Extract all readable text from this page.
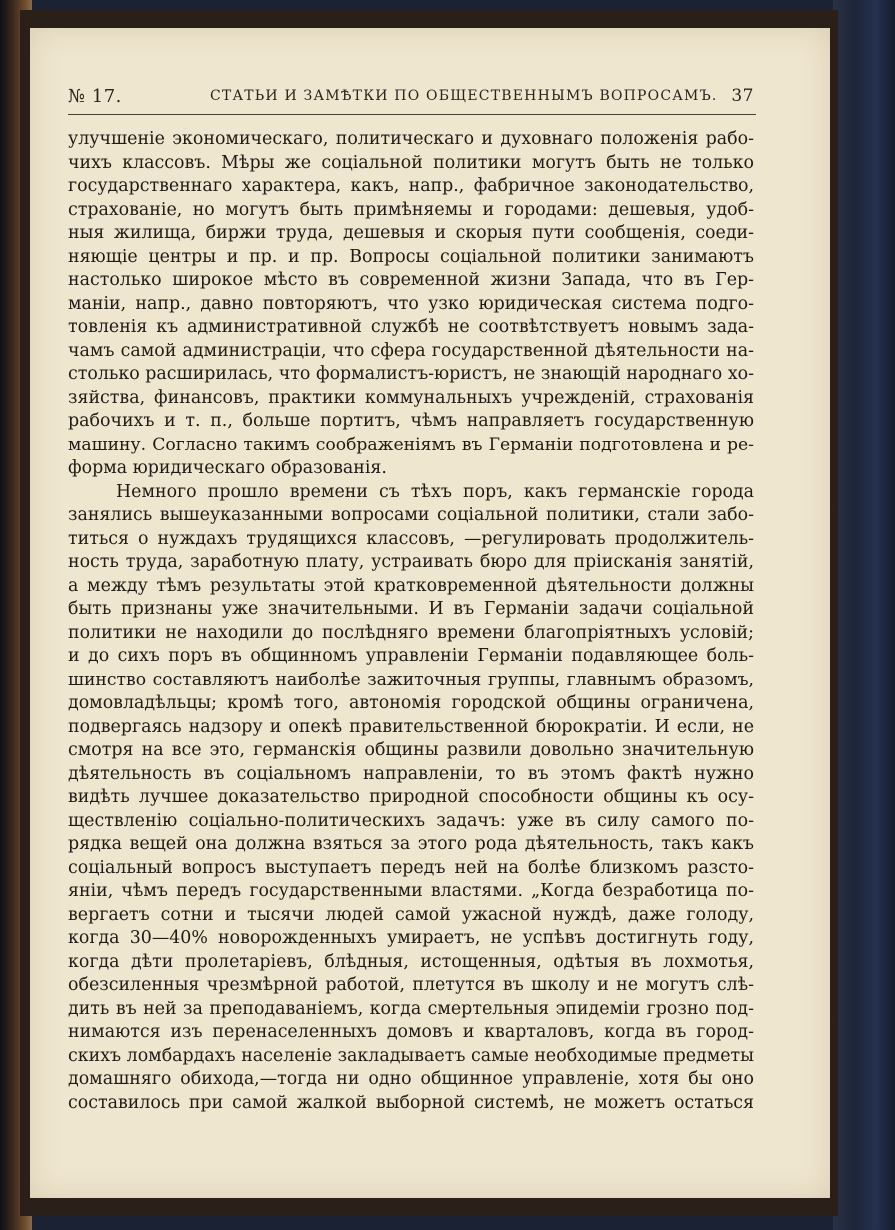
№ 17.	СТАТЬИ И ЗАМѢТКИ ПО ОБЩЕСТВЕННЫМЪ ВОПРОСАМЪ. 37
улучшеніе экономическаго, политическаго и духовнаго положенія рабо-
чихъ классовъ. Мѣры же соціальной политики могутъ быть не только
государственнаго характера, какъ, напр., фабричное законодательство,
страхованіе, но могутъ быть примѣняемы и городами: дешевыя, удоб-
ныя жилища, биржи труда, дешевыя и скорыя пути сообщенія, соеди-
няющіе центры и пр. и пр. Вопросы соціальной политики занимаютъ
настолько широкое мѣсто въ современной жизни Запада, что въ Гер-
маніи, напр., давно повторяютъ, что узко юридическая система подго-
товленія къ административной службѣ не соотвѣтствуетъ новымъ зада-
чамъ самой администраціи, что сфера государственной дѣятельности на-
столько расширилась, что формалистъ-юристъ, не знающій народнаго хо-
зяйства, финансовъ, практики коммунальныхъ учрежденій, страхованія
рабочихъ и т. п., больше портитъ, чѣмъ направляетъ государственную
машину. Согласно такимъ соображеніямъ въ Германіи подготовлена и ре-
форма юридическаго образованія.
Немного прошло времени съ тѣхъ поръ, какъ германскіе города
занялись вышеуказанными вопросами соціальной политики, стали забо-
титься о нуждахъ трудящихся классовъ, —регулировать продолжитель-
ность труда, заработную плату, устраивать бюро для пріисканія занятій,
а между тѣмъ результаты этой кратковременной дѣятельности должны
быть признаны уже значительными. И въ Германіи задачи соціальной
политики не находили до послѣдняго времени благопріятныхъ условій;
и до сихъ поръ въ общинномъ управленіи Германіи подавляющее боль-
шинство составляютъ наиболѣе зажиточныя группы, главнымъ образомъ,
домовладѣльцы; кромѣ того, автономія городской общины ограничена,
подвергаясь надзору и опекѣ правительственной бюрократіи. И если, не
смотря на все это, германскія общины развили довольно значительную
дѣятельность въ соціальномъ направленіи, то въ этомъ фактѣ нужно
видѣть лучшее доказательство природной способности общины къ осу-
ществленію соціально-политическихъ задачъ: уже въ силу самого по-
рядка вещей она должна взяться за этого рода дѣятельность, такъ какъ
соціальный вопросъ выступаетъ передъ ней на болѣе близкомъ разсто-
яніи, чѣмъ передъ государственными властями. „Когда безработица по-
вергаетъ сотни и тысячи людей самой ужасной нуждѣ, даже голоду,
когда 30—40% новорожденныхъ умираетъ, не успѣвъ достигнуть году,
когда дѣти пролетаріевъ, блѣдныя, истощенныя, одѣтыя въ лохмотья,
обезсиленныя чрезмѣрной работой, плетутся въ школу и не могутъ слѣ-
дить въ ней за преподаваніемъ, когда смертельныя эпидеміи грозно под-
нимаются изъ перенаселенныхъ домовъ и кварталовъ, когда въ город-
скихъ ломбардахъ населеніе закладываетъ самые необходимые предметы
домашняго обихода,—тогда ни одно общинное управленіе, хотя бы оно
составилось при самой жалкой выборной системѣ, не можетъ остаться
